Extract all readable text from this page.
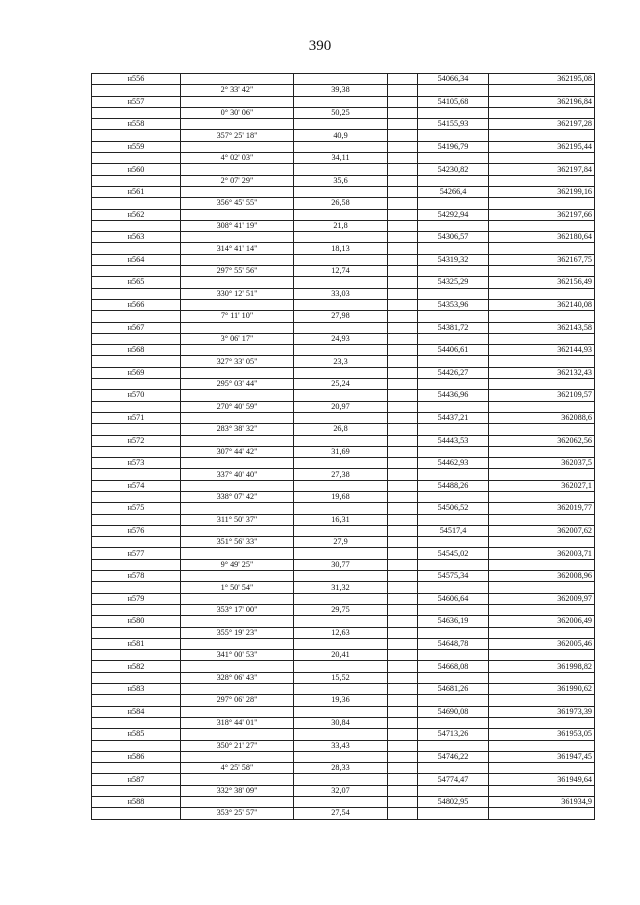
390
н556				54066,34	362195,08
	2° 33' 42"	39,38			
н557				54105,68	362196,84
	0° 30' 06"	50,25			
н558				54155,93	362197,28
	357° 25' 18"	40,9			
н559				54196,79	362195,44
	4° 02' 03"	34,11			
н560				54230,82	362197,84
	2° 07' 29"	35,6			
н561				54266,4	362199,16
	356° 45' 55"	26,58			
н562				54292,94	362197,66
	308° 41' 19"	21,8			
н563				54306,57	362180,64
	314° 41' 14"	18,13			
н564				54319,32	362167,75
	297° 55' 56"	12,74			
н565				54325,29	362156,49
	330° 12' 51"	33,03			
н566				54353,96	362140,08
	7° 11' 10"	27,98			
н567				54381,72	362143,58
	3° 06' 17"	24,93			
н568				54406,61	362144,93
	327° 33' 05"	23,3			
н569				54426,27	362132,43
	295° 03' 44"	25,24			
н570				54436,96	362109,57
	270° 40' 59"	20,97			
н571				54437,21	362088,6
	283° 38' 32"	26,8			
н572				54443,53	362062,56
	307° 44' 42"	31,69			
н573				54462,93	362037,5
	337° 40' 40"	27,38			
н574				54488,26	362027,1
	338° 07' 42"	19,68			
н575				54506,52	362019,77
	311° 50' 37"	16,31			
н576				54517,4	362007,62
	351° 56' 33"	27,9			
н577				54545,02	362003,71
	9° 49' 25"	30,77			
н578				54575,34	362008,96
	1° 50' 54"	31,32			
н579				54606,64	362009,97
	353° 17' 00"	29,75			
н580				54636,19	362006,49
	355° 19' 23"	12,63			
н581				54648,78	362005,46
	341° 00' 53"	20,41			
н582				54668,08	361998,82
	328° 06' 43"	15,52			
н583				54681,26	361990,62
	297° 06' 28"	19,36			
н584				54690,08	361973,39
	318° 44' 01"	30,84			
н585				54713,26	361953,05
	350° 21' 27"	33,43			
н586				54746,22	361947,45
	4° 25' 58"	28,33			
н587				54774,47	361949,64
	332° 38' 09"	32,07			
н588				54802,95	361934,9
	353° 25' 57"	27,54			
